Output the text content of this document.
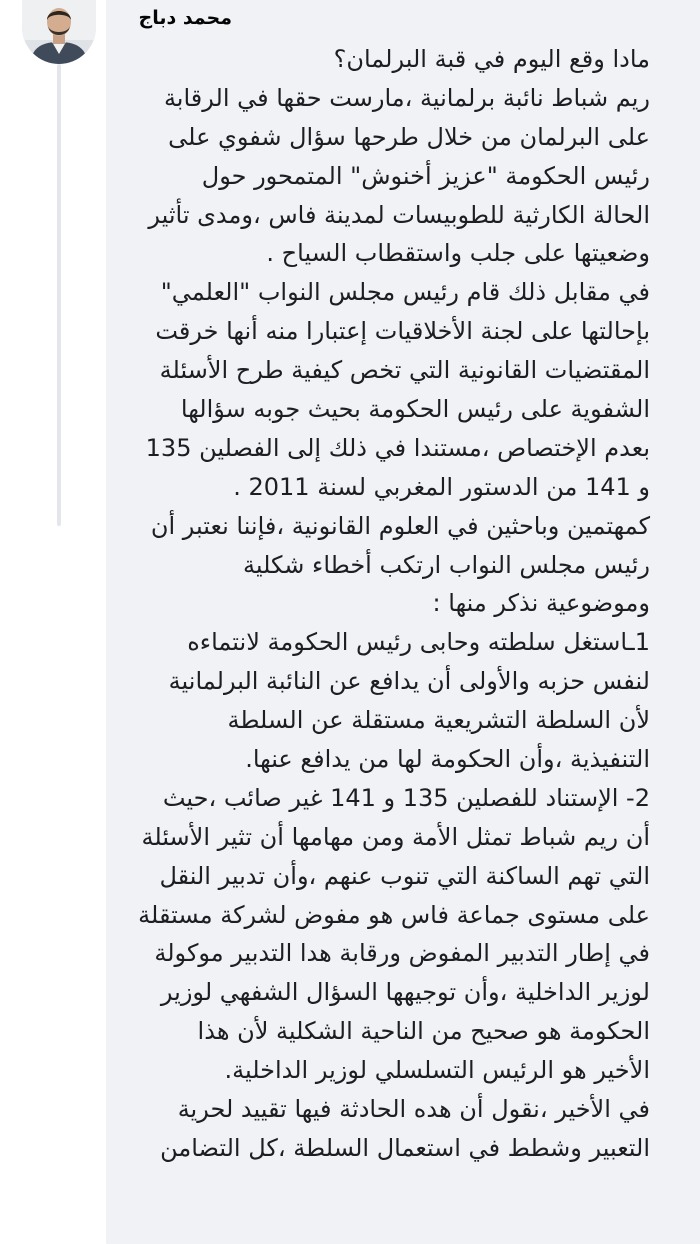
محمد دباج
مادا وقع اليوم في قبة البرلمان؟
ريم شباط نائبة برلمانية ،مارست حقها في الرقابة
على البرلمان من خلال طرحها سؤال شفوي على
رئيس الحكومة "عزيز أخنوش" المتمحور حول
الحالة الكارثية للطوبيسات لمدينة فاس ،ومدى تأثير
وضعيتها على جلب واستقطاب السياح .
في مقابل ذلك قام رئيس مجلس النواب "العلمي"
بإحالتها على لجنة الأخلاقيات إعتبارا منه أنها خرقت
المقتضيات القانونية التي تخص كيفية طرح الأسئلة
الشفوية على رئيس الحكومة بحيث جوبه سؤالها
بعدم الإختصاص ،مستندا في ذلك إلى الفصلين 135
و 141 من الدستور المغربي لسنة 2011 .
كمهتمين وباحثين في العلوم القانونية ،فإننا نعتبر أن
رئيس مجلس النواب ارتكب أخطاء شكلية
وموضوعية نذكر منها :
1ـاستغل سلطته وحابى رئيس الحكومة لانتماءه
لنفس حزبه والأولى أن يدافع عن النائبة البرلمانية
لأن السلطة التشريعية مستقلة عن السلطة
التنفيذية ،وأن الحكومة لها من يدافع عنها.
2- الإستناد للفصلين 135 و 141 غير صائب ،حيث
أن ريم شباط تمثل الأمة ومن مهامها أن تثير الأسئلة
التي تهم الساكنة التي تنوب عنهم ،وأن تدبير النقل
على مستوى جماعة فاس هو مفوض لشركة مستقلة
في إطار التدبير المفوض ورقابة هدا التدبير موكولة
لوزير الداخلية ،وأن توجيهها السؤال الشفهي لوزير
الحكومة هو صحيح من الناحية الشكلية لأن هذا
الأخير هو الرئيس التسلسلي لوزير الداخلية.
في الأخير ،نقول أن هده الحادثة فيها تقييد لحرية
التعبير وشطط في استعمال السلطة ،كل التضامن
